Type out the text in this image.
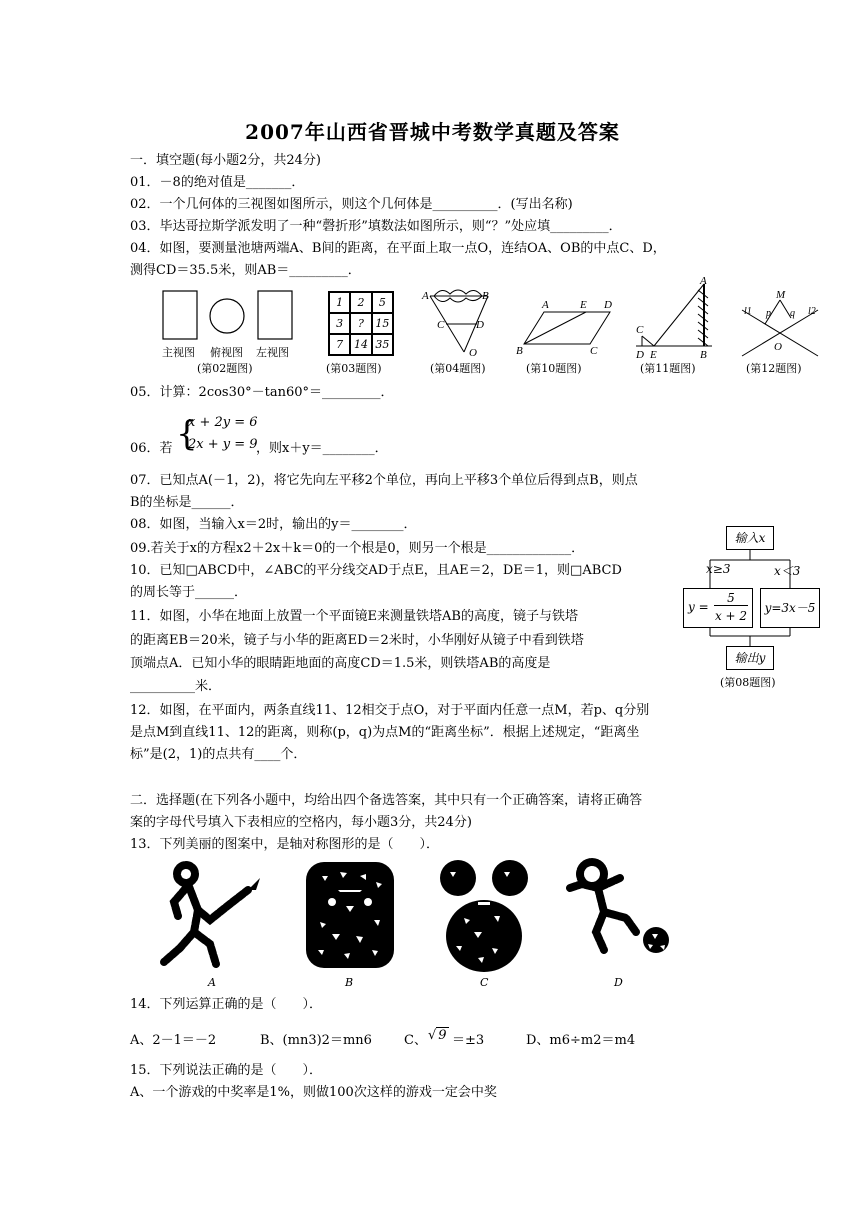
2007年山西省晋城中考数学真题及答案
一．填空题(每小题2分，共24分)
01．－8的绝对值是_______．
02．一个几何体的三视图如图所示，则这个几何体是__________．(写出名称)
03．毕达哥拉斯学派发明了一种“磬折形”填数法如图所示，则“？”处应填_________．
04．如图，要测量池塘两端A、B间的距离，在平面上取一点O，连结OA、OB的中点C、D，
测得CD＝35.5米，则AB＝_________．
主视图 俯视图 左视图
(第02题图)
1	2	5
3	?	15
7 14 35
(第03题图)
A	B
C	D
O
(第04题图)
A	E D
B	C
(第10题图)
A
C
D E	B
(第11题图)
M
l1	l2
p q
O
(第12题图)
05．计算：2cos30°－tan60°＝_________．
06．若 {
x + 2y = 6
2x + y = 9
，则x＋y＝________．
07．已知点A(－1，2)，将它先向左平移2个单位，再向上平移3个单位后得到点B，则点
B的坐标是______．
08．如图，当输入x＝2时，输出的y＝________．
09.若关于x的方程x2＋2x＋k＝0的一个根是0，则另一个根是_____________．
10．已知□ABCD中，∠ABC的平分线交AD于点E，且AE＝2，DE＝1，则□ABCD
的周长等于______．
11．如图，小华在地面上放置一个平面镜E来测量铁塔AB的高度，镜子与铁塔
的距离EB＝20米，镜子与小华的距离ED＝2米时，小华刚好从镜子中看到铁塔
顶端点A．已知小华的眼睛距地面的高度CD＝1.5米，则铁塔AB的高度是
__________米．
12．如图，在平面内，两条直线11、12相交于点O，对于平面内任意一点M，若p、q分别
是点M到直线11、12的距离，则称(p，q)为点M的“距离坐标”．根据上述规定，“距离坐
标”是(2，1)的点共有____个．
输入x
x≥3	x＜3
y =
5
x + 2
y=3x－5
输出y
(第08题图)
二．选择题(在下列各小题中，均给出四个备选答案，其中只有一个正确答案，请将正确答
案的字母代号填入下表相应的空格内，每小题3分，共24分)
13．下列美丽的图案中，是轴对称图形的是（　　）．
A	B	C	D
14．下列运算正确的是（　　）．
A、2－1＝－2	B、(mn3)2＝mn6 C、 √ 9 ＝±3	D、m6÷m2＝m4
15．下列说法正确的是（　　）．
A、一个游戏的中奖率是1%，则做100次这样的游戏一定会中奖
